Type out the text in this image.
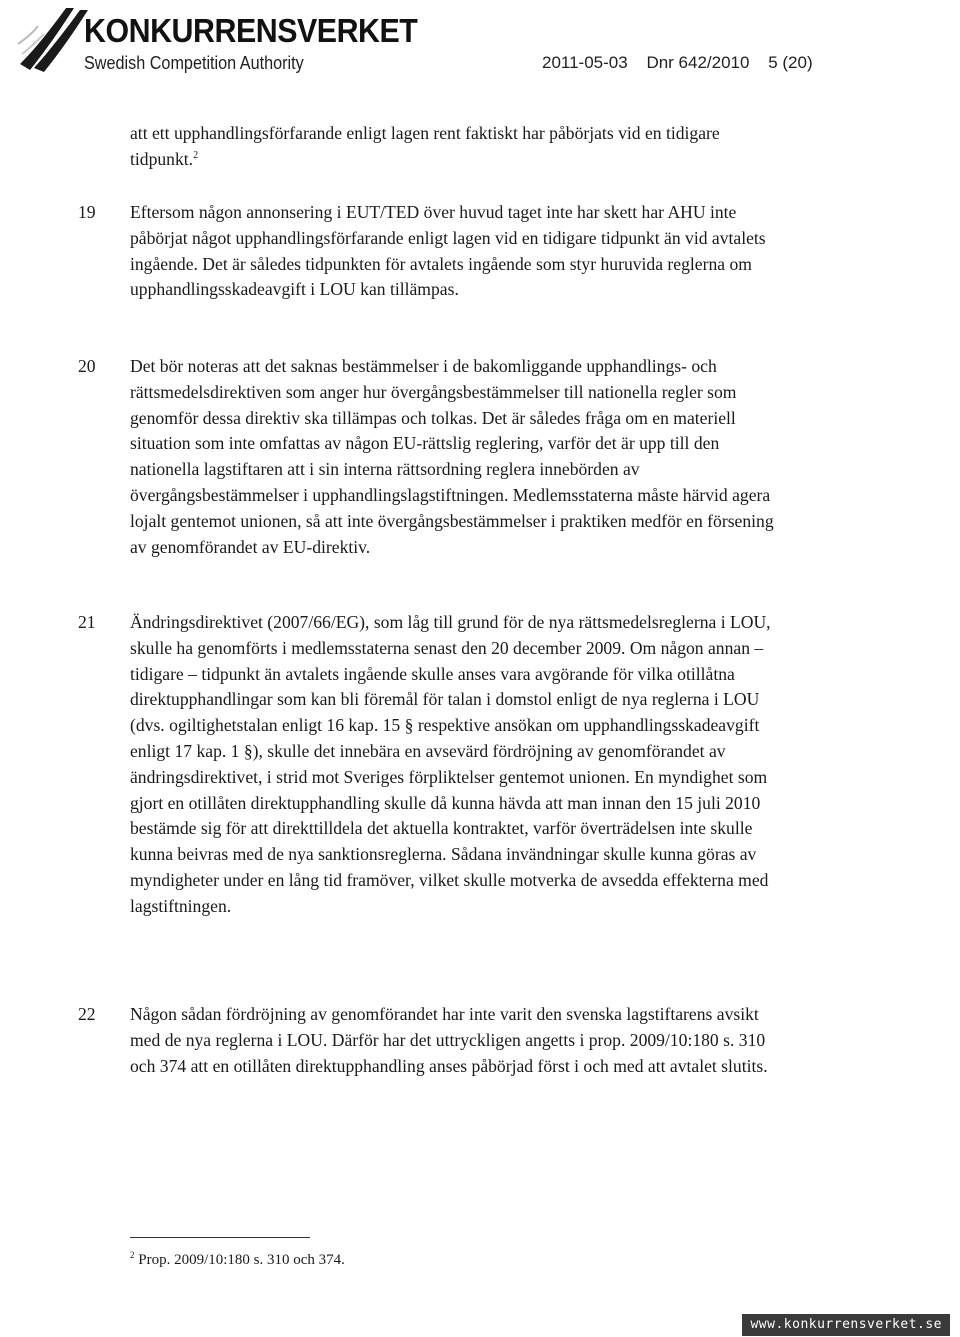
KONKURRENSVERKET
Swedish Competition Authority	2011-05-03 Dnr 642/2010 5 (20)

att ett upphandlingsförfarande enligt lagen rent faktiskt har påbörjats vid en tidigare tidpunkt.$^2$

19 Eftersom någon annonsering i EUT/TED över huvud taget inte har skett har AHU inte påbörjat något upphandlingsförfarande enligt lagen vid en tidigare tidpunkt än vid avtalets ingående. Det är således tidpunkten för avtalets ingående som styr huruvida reglerna om upphandlingsskadeavgift i LOU kan tillämpas.

20 Det bör noteras att det saknas bestämmelser i de bakomliggande upphandlings- och rättsmedelsdirektiven som anger hur övergångsbestämmelser till nationella regler som genomför dessa direktiv ska tillämpas och tolkas. Det är således fråga om en materiell situation som inte omfattas av någon EU-rättslig reglering, varför det är upp till den nationella lagstiftaren att i sin interna rättsordning reglera innebörden av övergångsbestämmelser i upphandlingslagstiftningen. Medlemsstaterna måste härvid agera lojalt gentemot unionen, så att inte övergångsbestämmelser i praktiken medför en försening av genomförandet av EU-direktiv.

21 Ändringsdirektivet (2007/66/EG), som låg till grund för de nya rättsmedelsreglerna i LOU, skulle ha genomförts i medlemsstaterna senast den 20 december 2009. Om någon annan – tidigare – tidpunkt än avtalets ingående skulle anses vara avgörande för vilka otillåtna direktupphandlingar som kan bli föremål för talan i domstol enligt de nya reglerna i LOU (dvs. ogiltighetstalan enligt 16 kap. 15 § respektive ansökan om upphandlingsskadeavgift enligt 17 kap. 1 §), skulle det innebära en avsevärd fördröjning av genomförandet av ändringsdirektivet, i strid mot Sveriges förpliktelser gentemot unionen. En myndighet som gjort en otillåten direktupphandling skulle då kunna hävda att man innan den 15 juli 2010 bestämde sig för att direkttilldela det aktuella kontraktet, varför överträdelsen inte skulle kunna beivras med de nya sanktionsreglerna. Sådana invändningar skulle kunna göras av myndigheter under en lång tid framöver, vilket skulle motverka de avsedda effekterna med lagstiftningen.

22 Någon sådan fördröjning av genomförandet har inte varit den svenska lagstiftarens avsikt med de nya reglerna i LOU. Därför har det uttryckligen angetts i prop. 2009/10:180 s. 310 och 374 att en otillåten direktupphandling anses påbörjad först i och med att avtalet slutits.

$^2$ Prop. 2009/10:180 s. 310 och 374.
www.konkurrensverket.se
